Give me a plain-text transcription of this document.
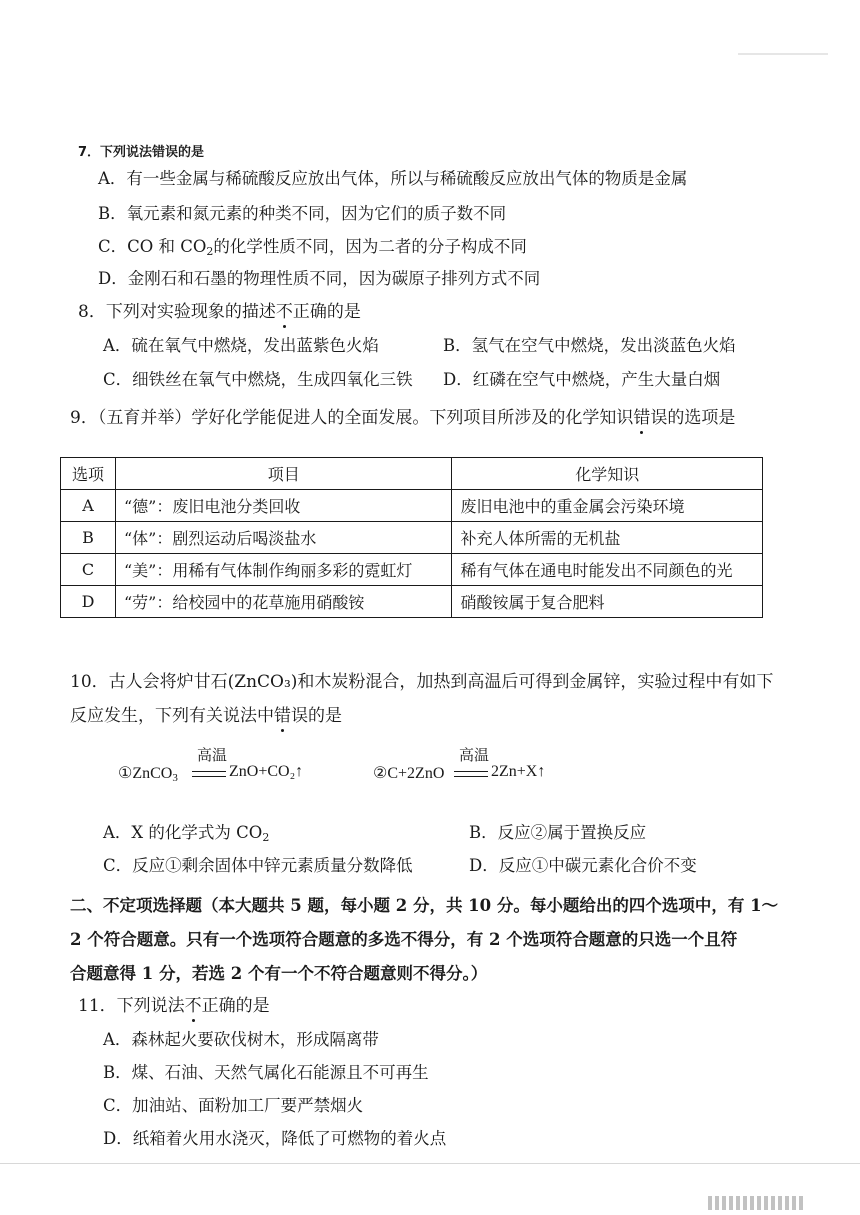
7．下列说法错误的是
A．有一些金属与稀硫酸反应放出气体，所以与稀硫酸反应放出气体的物质是金属
B．氧元素和氮元素的种类不同，因为它们的质子数不同
C．CO 和 $CO_2$的化学性质不同，因为二者的分子构成不同
D．金刚石和石墨的物理性质不同，因为碳原子排列方式不同
8．下列对实验现象的描述不正确的是
A．硫在氧气中燃烧，发出蓝紫色火焰	B．氢气在空气中燃烧，发出淡蓝色火焰
C．细铁丝在氧气中燃烧，生成四氧化三铁 D．红磷在空气中燃烧，产生大量白烟
9．（五育并举）学好化学能促进人的全面发展。下列项目所涉及的化学知识错误的选项是
选项	项目	化学知识
A	“德”：废旧电池分类回收	废旧电池中的重金属会污染环境
B	“体”：剧烈运动后喝淡盐水	补充人体所需的无机盐
C	“美”：用稀有气体制作绚丽多彩的霓虹灯	稀有气体在通电时能发出不同颜色的光
D	“劳”：给校园中的花草施用硝酸铵	硝酸铵属于复合肥料
10．古人会将炉甘石(ZnCO₃)和木炭粉混合，加热到高温后可得到金属锌，实验过程中有如下
反应发生，下列有关说法中错误的是
①ZnCO$_3$
高温
ZnO+CO₂↑	②C+2ZnO
高温
2Zn+X↑
A．X 的化学式为 $CO_2$	B．反应②属于置换反应
C．反应①剩余固体中锌元素质量分数降低	D．反应①中碳元素化合价不变
二、不定项选择题（本大题共 5 题，每小题 2 分，共 10 分。每小题给出的四个选项中，有 1～
2 个符合题意。只有一个选项符合题意的多选不得分，有 2 个选项符合题意的只选一个且符
合题意得 1 分，若选 2 个有一个不符合题意则不得分。）
11．下列说法不正确的是
A．森林起火要砍伐树木，形成隔离带
B．煤、石油、天然气属化石能源且不可再生
C．加油站、面粉加工厂要严禁烟火
D．纸箱着火用水浇灭，降低了可燃物的着火点
